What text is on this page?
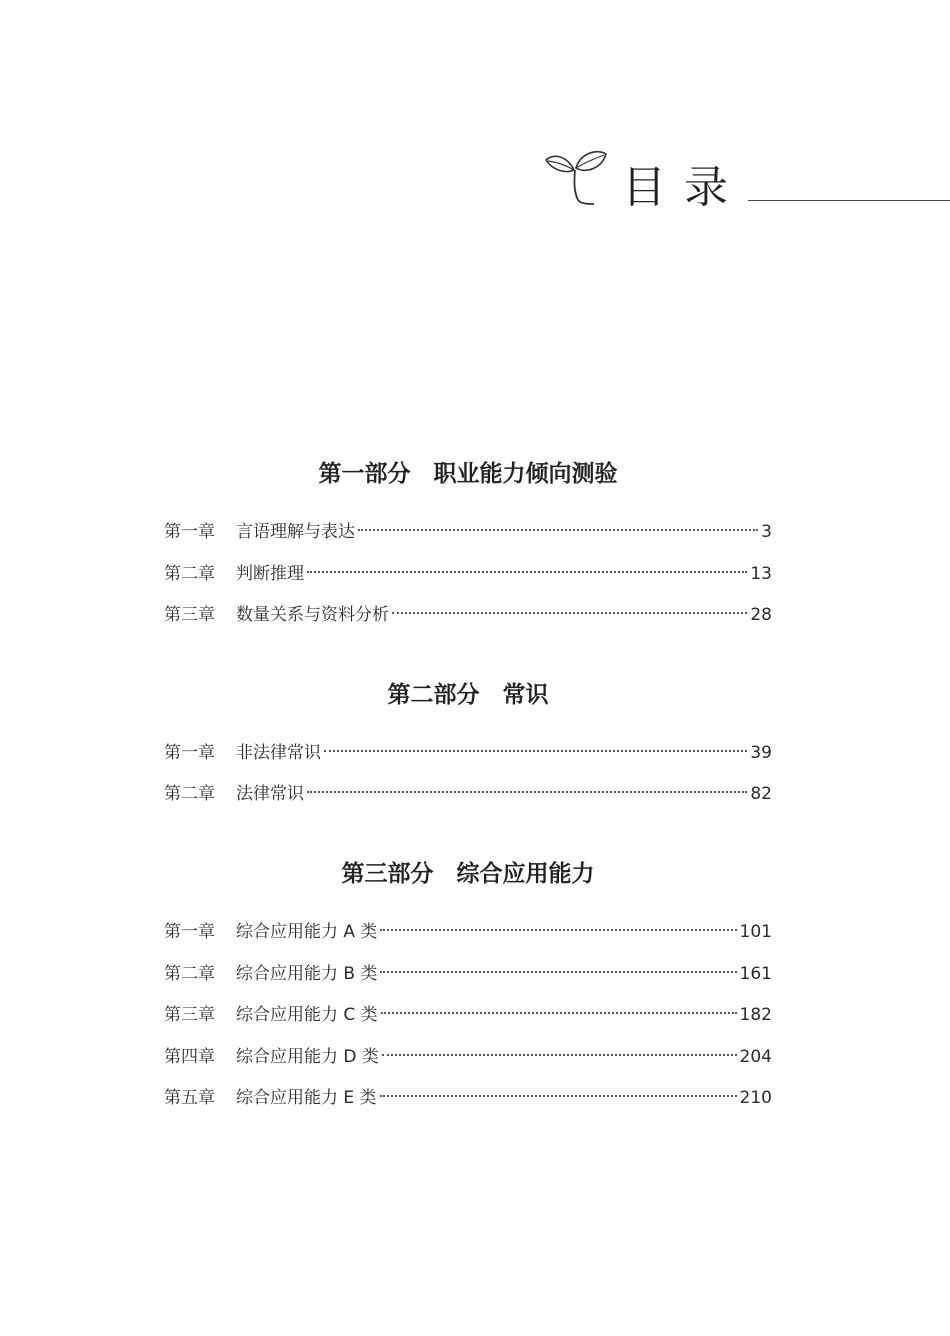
目录
第一部分　职业能力倾向测验
第一章	言语理解与表达	3
第二章	判断推理	13
第三章	数量关系与资料分析	28
第二部分　常识
第一章	非法律常识	39
第二章	法律常识	82
第三部分　综合应用能力
第一章	综合应用能力 A 类	101
第二章	综合应用能力 B 类	161
第三章	综合应用能力 C 类	182
第四章	综合应用能力 D 类	204
第五章	综合应用能力 E 类	210
